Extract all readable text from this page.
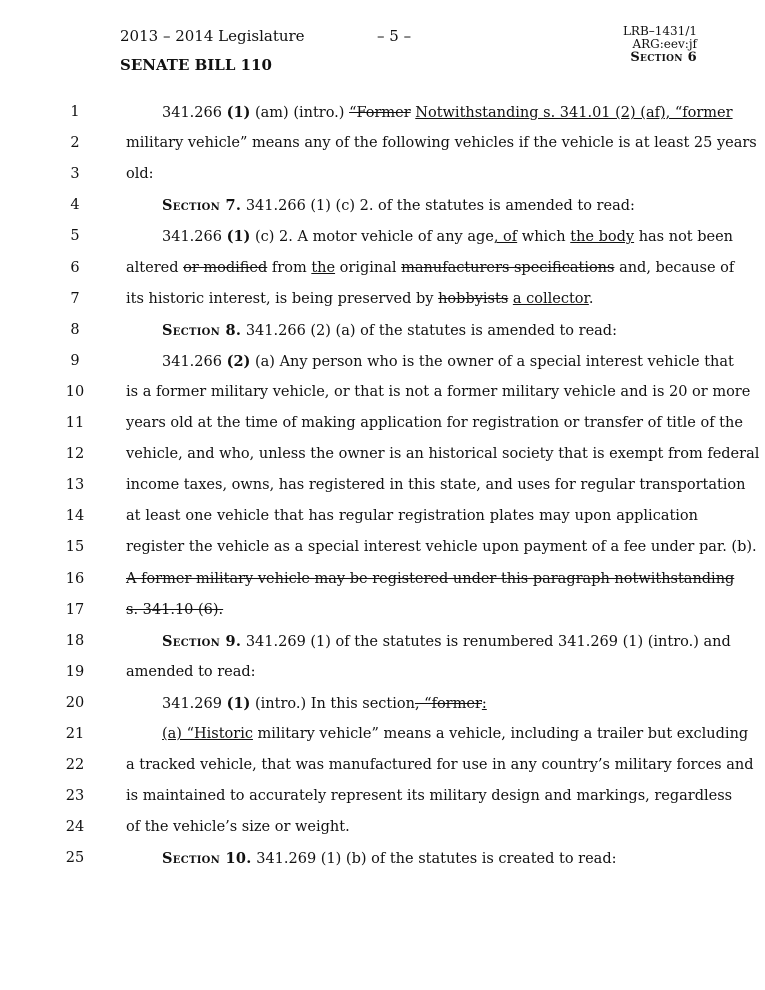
2013 – 2014 Legislature	– 5 –
SENATE BILL 110
LRB–1431/1
ARG:eev:jf
Section 6
1	341.266 (1) (am) (intro.) “Former Notwithstanding s. 341.01 (2) (af), “former
2	military vehicle” means any of the following vehicles if the vehicle is at least 25 years
3	old:
4	Section 7. 341.266 (1) (c) 2. of the statutes is amended to read:
5	341.266 (1) (c) 2. A motor vehicle of any age, of which the body has not been
6	altered or modified from the original manufacturers specifications and, because of
7	its historic interest, is being preserved by hobbyists a collector.
8	Section 8. 341.266 (2) (a) of the statutes is amended to read:
9	341.266 (2) (a) Any person who is the owner of a special interest vehicle that
10	is a former military vehicle, or that is not a former military vehicle and is 20 or more
11	years old at the time of making application for registration or transfer of title of the
12	vehicle, and who, unless the owner is an historical society that is exempt from federal
13	income taxes, owns, has registered in this state, and uses for regular transportation
14	at least one vehicle that has regular registration plates may upon application
15	register the vehicle as a special interest vehicle upon payment of a fee under par. (b).
16	A former military vehicle may be registered under this paragraph notwithstanding
17	s. 341.10 (6).
18	Section 9. 341.269 (1) of the statutes is renumbered 341.269 (1) (intro.) and
19	amended to read:
20	341.269 (1) (intro.) In this section, “former:
21	(a) “Historic military vehicle” means a vehicle, including a trailer but excluding
22	a tracked vehicle, that was manufactured for use in any country’s military forces and
23	is maintained to accurately represent its military design and markings, regardless
24	of the vehicle’s size or weight.
25	Section 10. 341.269 (1) (b) of the statutes is created to read:
